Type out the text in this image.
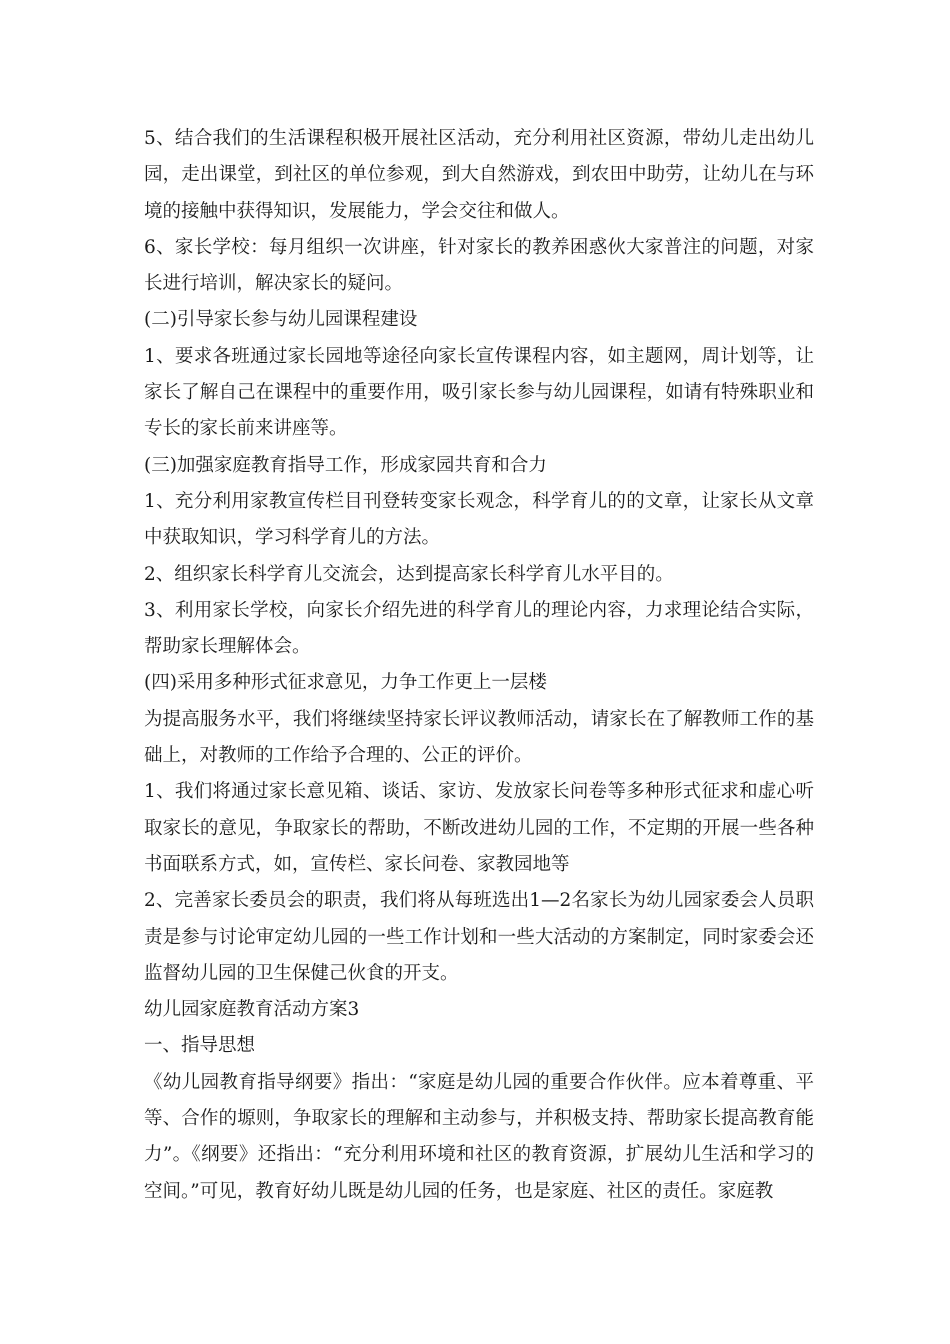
5、结合我们的生活课程积极开展社区活动，充分利用社区资源，带幼儿走出幼儿园，走出课堂，到社区的单位参观，到大自然游戏，到农田中助劳，让幼儿在与环境的接触中获得知识，发展能力，学会交往和做人。

6、家长学校：每月组织一次讲座，针对家长的教养困惑伙大家普注的问题，对家长进行培训，解决家长的疑问。

(二)引导家长参与幼儿园课程建设

1、要求各班通过家长园地等途径向家长宣传课程内容，如主题网，周计划等，让家长了解自己在课程中的重要作用，吸引家长参与幼儿园课程，如请有特殊职业和专长的家长前来讲座等。

(三)加强家庭教育指导工作，形成家园共育和合力

1、充分利用家教宣传栏目刊登转变家长观念，科学育儿的的文章，让家长从文章中获取知识，学习科学育儿的方法。

2、组织家长科学育儿交流会，达到提高家长科学育儿水平目的。

3、利用家长学校，向家长介绍先进的科学育儿的理论内容，力求理论结合实际，帮助家长理解体会。

(四)采用多种形式征求意见，力争工作更上一层楼

为提高服务水平，我们将继续坚持家长评议教师活动，请家长在了解教师工作的基础上，对教师的工作给予合理的、公正的评价。

1、我们将通过家长意见箱、谈话、家访、发放家长问卷等多种形式征求和虚心听取家长的意见，争取家长的帮助，不断改进幼儿园的工作，不定期的开展一些各种书面联系方式，如，宣传栏、家长问卷、家教园地等

2、完善家长委员会的职责，我们将从每班选出1—2名家长为幼儿园家委会人员职责是参与讨论审定幼儿园的一些工作计划和一些大活动的方案制定，同时家委会还监督幼儿园的卫生保健己伙食的开支。

幼儿园家庭教育活动方案3

一、指导思想

《幼儿园教育指导纲要》指出：“家庭是幼儿园的重要合作伙伴。应本着尊重、平等、合作的塬则，争取家长的理解和主动参与，并积极支持、帮助家长提高教育能力”。《纲要》还指出：“充分利用环境和社区的教育资源，扩展幼儿生活和学习的空间。”可见，教育好幼儿既是幼儿园的任务，也是家庭、社区的责任。家庭教
